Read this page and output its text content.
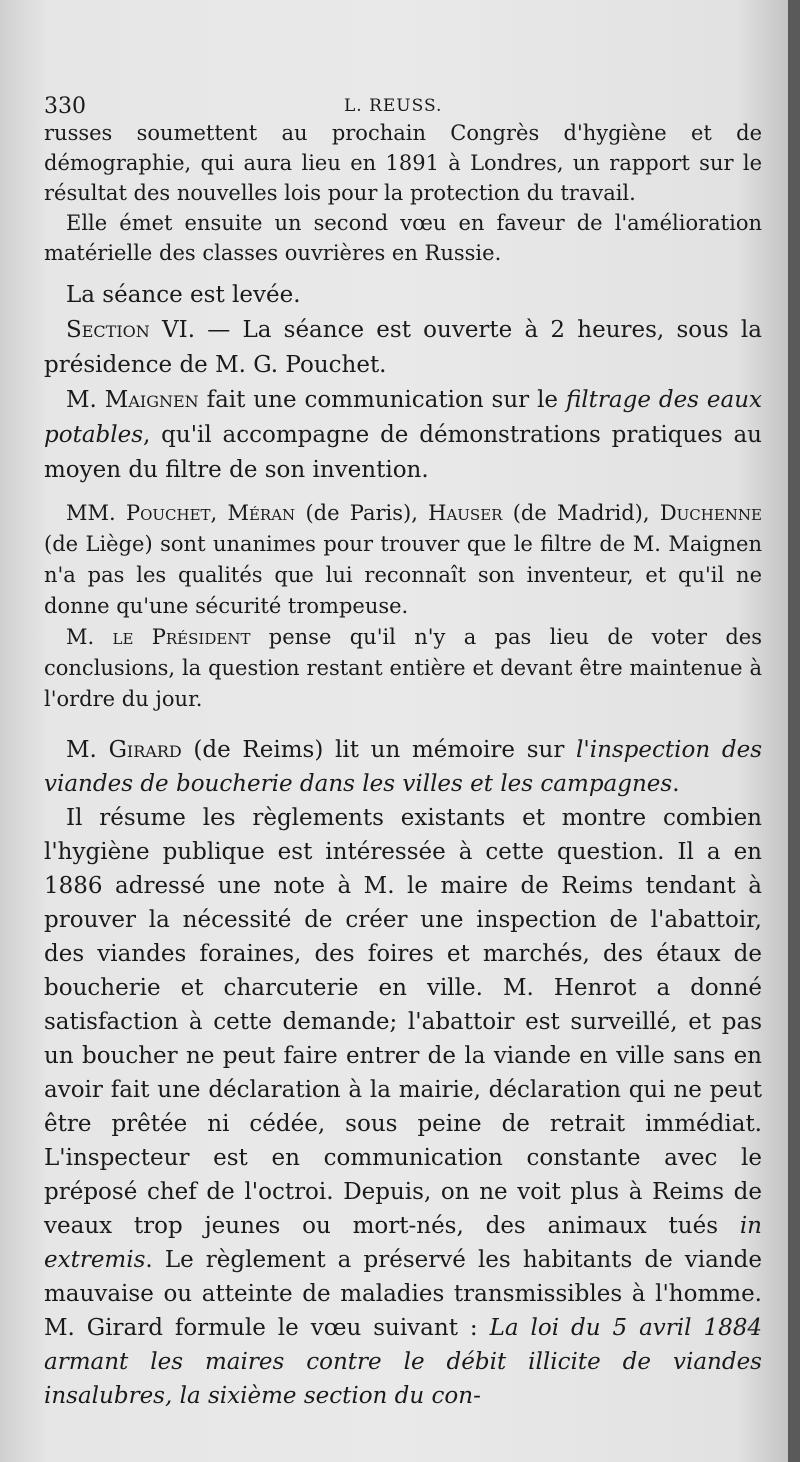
330	L. REUSS.

russes soumettent au prochain Congrès d'hygiène et de démographie, qui aura lieu en 1891 à Londres, un rapport sur le résultat des nouvelles lois pour la protection du travail.

Elle émet ensuite un second vœu en faveur de l'amélioration matérielle des classes ouvrières en Russie.

La séance est levée.

Section VI. — La séance est ouverte à 2 heures, sous la présidence de M. G. Pouchet.

M. Maignen fait une communication sur le filtrage des eaux potables, qu'il accompagne de démonstrations pratiques au moyen du filtre de son invention.

MM. Pouchet, Méran (de Paris), Hauser (de Madrid), Duchenne (de Liège) sont unanimes pour trouver que le filtre de M. Maignen n'a pas les qualités que lui reconnaît son inventeur, et qu'il ne donne qu'une sécurité trompeuse.

M. le Président pense qu'il n'y a pas lieu de voter des conclusions, la question restant entière et devant être maintenue à l'ordre du jour.

M. Girard (de Reims) lit un mémoire sur l'inspection des viandes de boucherie dans les villes et les campagnes.

Il résume les règlements existants et montre combien l'hygiène publique est intéressée à cette question. Il a en 1886 adressé une note à M. le maire de Reims tendant à prouver la nécessité de créer une inspection de l'abattoir, des viandes foraines, des foires et marchés, des étaux de boucherie et charcuterie en ville. M. Henrot a donné satisfaction à cette demande; l'abattoir est surveillé, et pas un boucher ne peut faire entrer de la viande en ville sans en avoir fait une déclaration à la mairie, déclaration qui ne peut être prêtée ni cédée, sous peine de retrait immédiat. L'inspecteur est en communication constante avec le préposé chef de l'octroi. Depuis, on ne voit plus à Reims de veaux trop jeunes ou mort-nés, des animaux tués in extremis. Le règlement a préservé les habitants de viande mauvaise ou atteinte de maladies transmissibles à l'homme. M. Girard formule le vœu suivant : La loi du 5 avril 1884 armant les maires contre le débit illicite de viandes insalubres, la sixième section du con-
